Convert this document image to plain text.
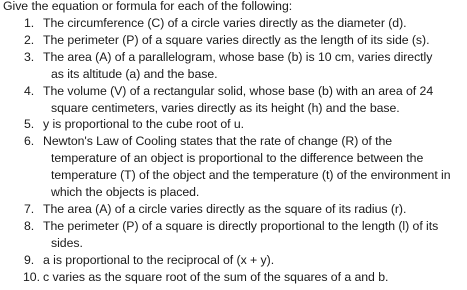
Give the equation or formula for each of the following:
1. The circumference (C) of a circle varies directly as the diameter (d).
2. The perimeter (P) of a square varies directly as the length of its side (s).
3. The area (A) of a parallelogram, whose base (b) is 10 cm, varies directly
as its altitude (a) and the base.
4. The volume (V) of a rectangular solid, whose base (b) with an area of 24
square centimeters, varies directly as its height (h) and the base.
5. y is proportional to the cube root of u.
6. Newton's Law of Cooling states that the rate of change (R) of the
temperature of an object is proportional to the difference between the
temperature (T) of the object and the temperature (t) of the environment in
which the objects is placed.
7. The area (A) of a circle varies directly as the square of its radius (r).
8. The perimeter (P) of a square is directly proportional to the length (l) of its
sides.
9. a is proportional to the reciprocal of (x + y).
10. c varies as the square root of the sum of the squares of a and b.
